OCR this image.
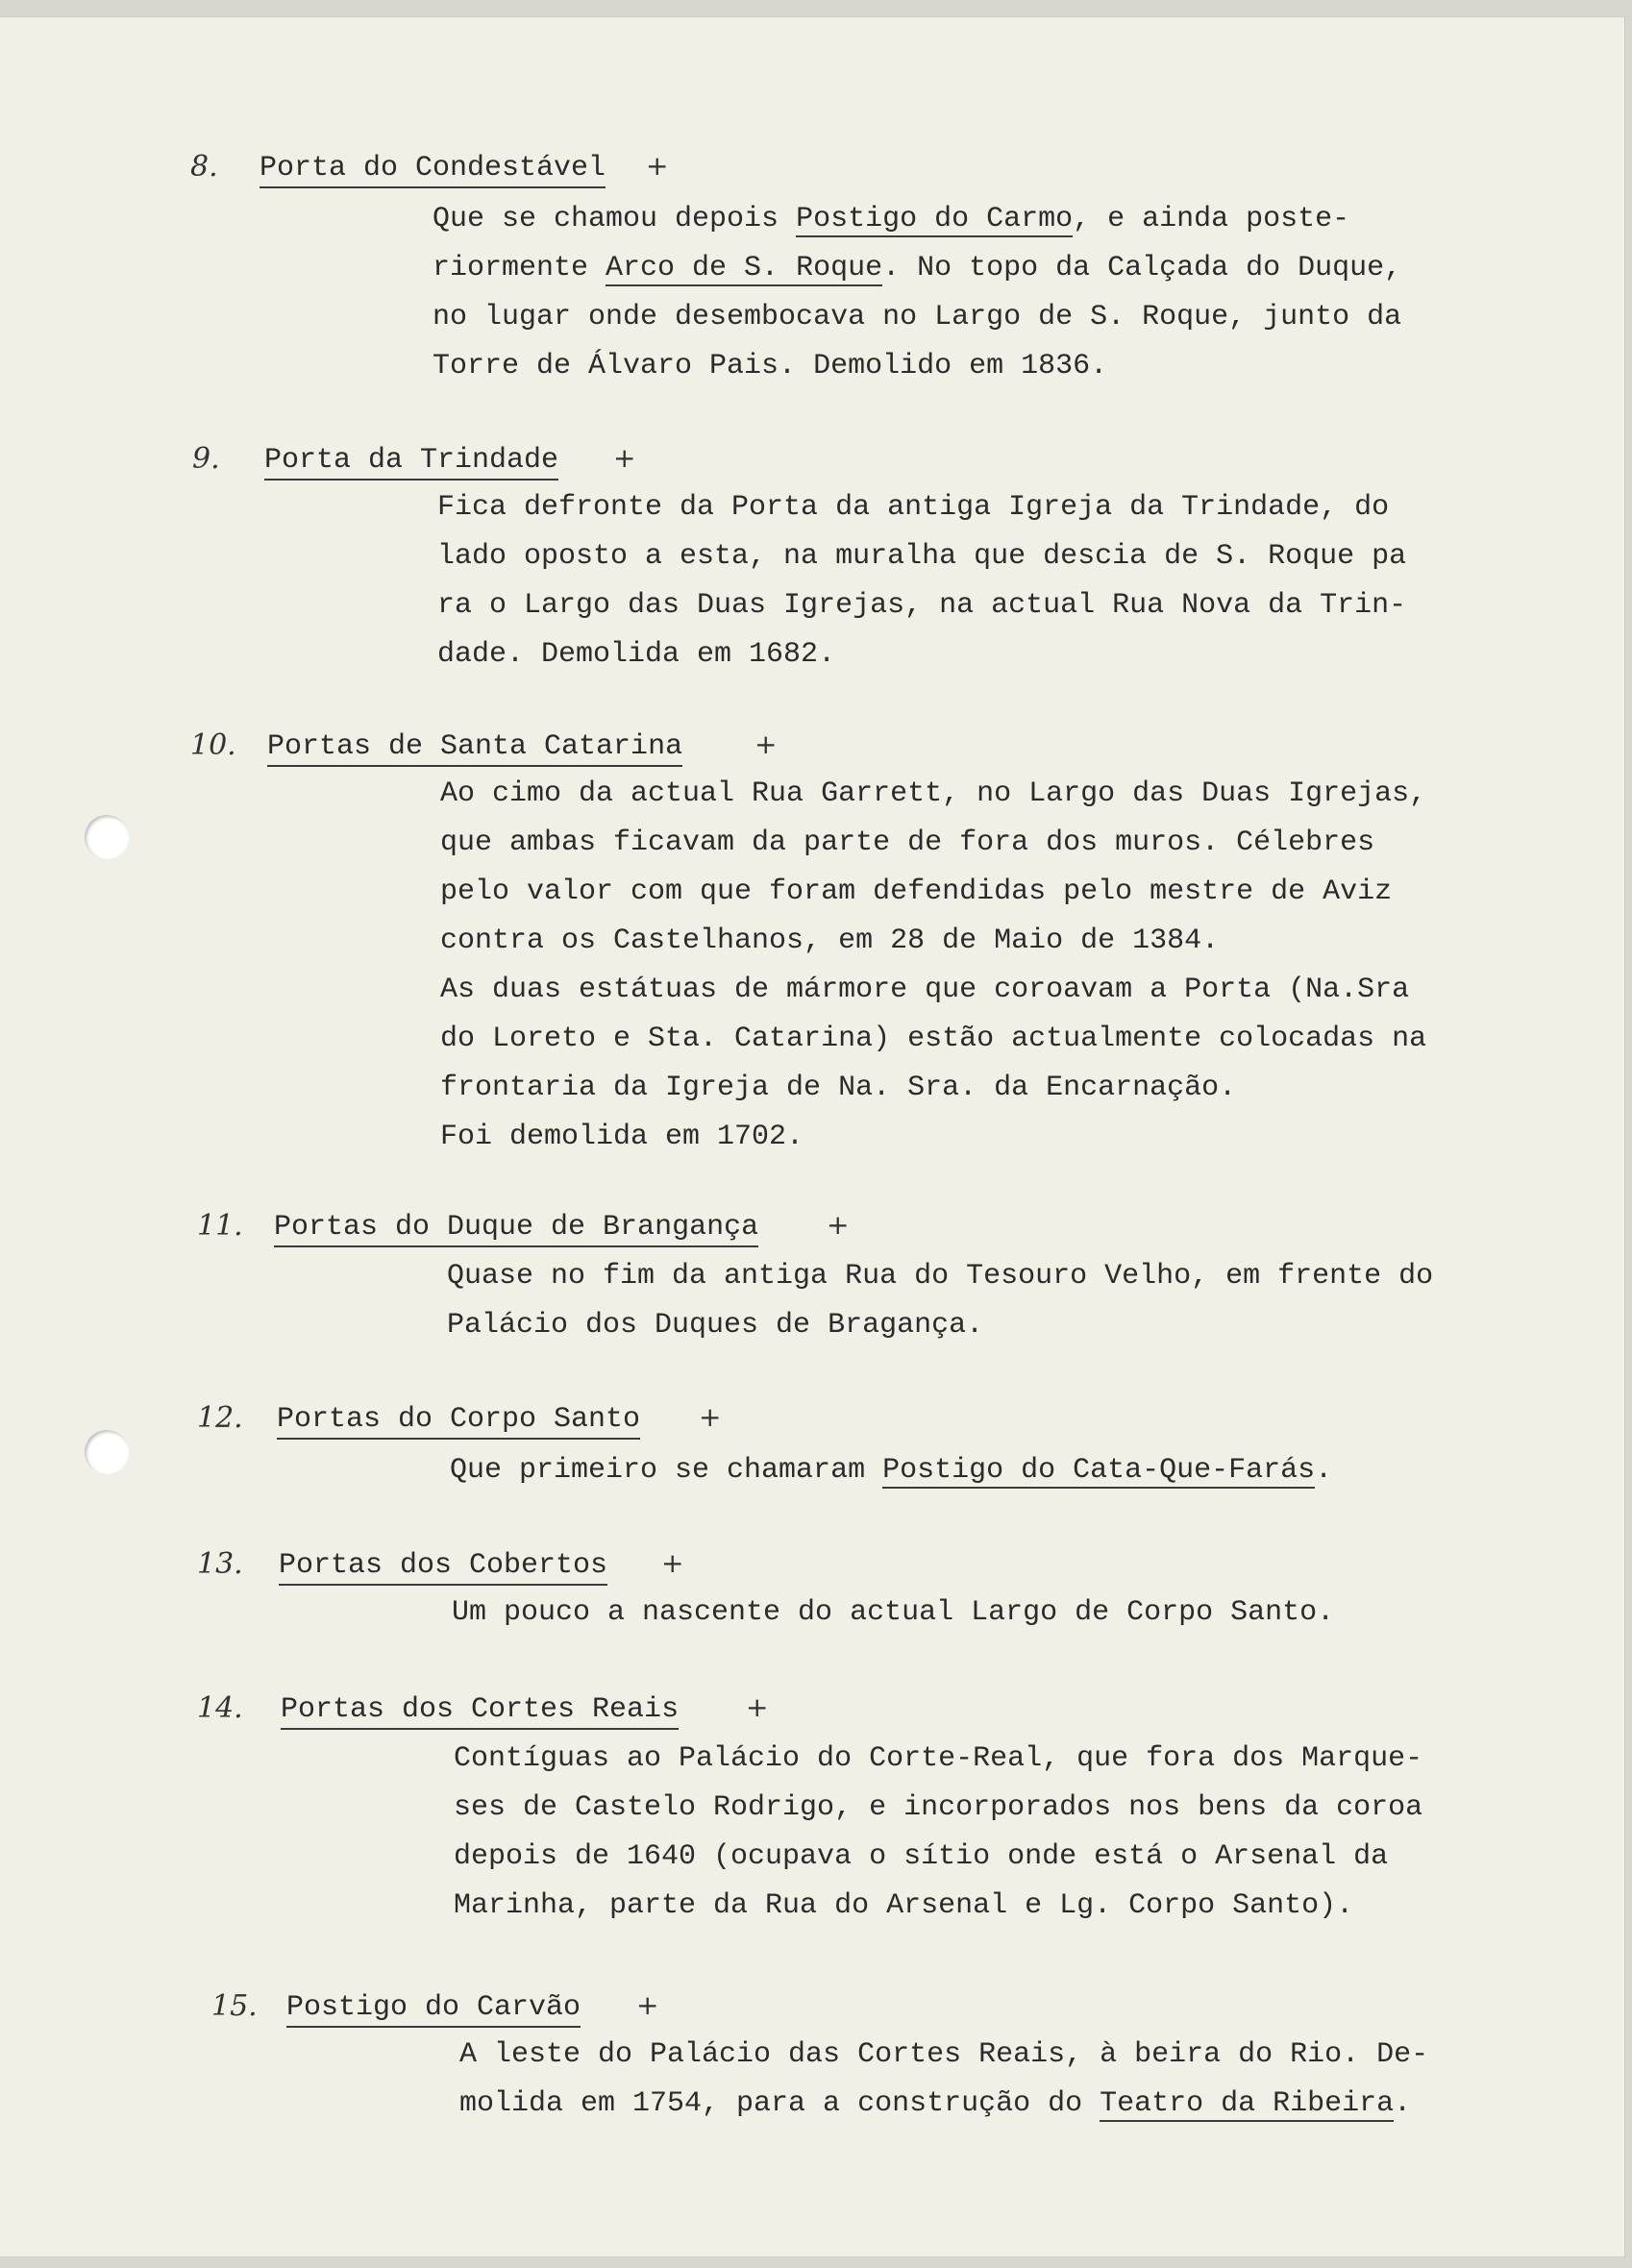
8. Porta do Condestável +
Que se chamou depois Postigo do Carmo, e ainda poste-
riormente Arco de S. Roque. No topo da Calçada do Duque,
no lugar onde desembocava no Largo de S. Roque, junto da
Torre de Álvaro Pais. Demolido em 1836.
9. Porta da Trindade +
Fica defronte da Porta da antiga Igreja da Trindade, do
lado oposto a esta, na muralha que descia de S. Roque pa
ra o Largo das Duas Igrejas, na actual Rua Nova da Trin-
dade. Demolida em 1682.
10. Portas de Santa Catarina	+
Ao cimo da actual Rua Garrett, no Largo das Duas Igrejas,
que ambas ficavam da parte de fora dos muros. Célebres
pelo valor com que foram defendidas pelo mestre de Aviz
contra os Castelhanos, em 28 de Maio de 1384.
As duas estátuas de mármore que coroavam a Porta (Na.Sra
do Loreto e Sta. Catarina) estão actualmente colocadas na
frontaria da Igreja de Na. Sra. da Encarnação.
Foi demolida em 1702.
11. Portas do Duque de Brangança	+
Quase no fim da antiga Rua do Tesouro Velho, em frente do
Palácio dos Duques de Bragança.
12. Portas do Corpo Santo +
Que primeiro se chamaram Postigo do Cata-Que-Farás.
13. Portas dos Cobertos +
Um pouco a nascente do actual Largo de Corpo Santo.
14. Portas dos Cortes Reais +
Contíguas ao Palácio do Corte-Real, que fora dos Marque-
ses de Castelo Rodrigo, e incorporados nos bens da coroa
depois de 1640 (ocupava o sítio onde está o Arsenal da
Marinha, parte da Rua do Arsenal e Lg. Corpo Santo).
15. Postigo do Carvão +
A leste do Palácio das Cortes Reais, à beira do Rio. De-
molida em 1754, para a construção do Teatro da Ribeira.
